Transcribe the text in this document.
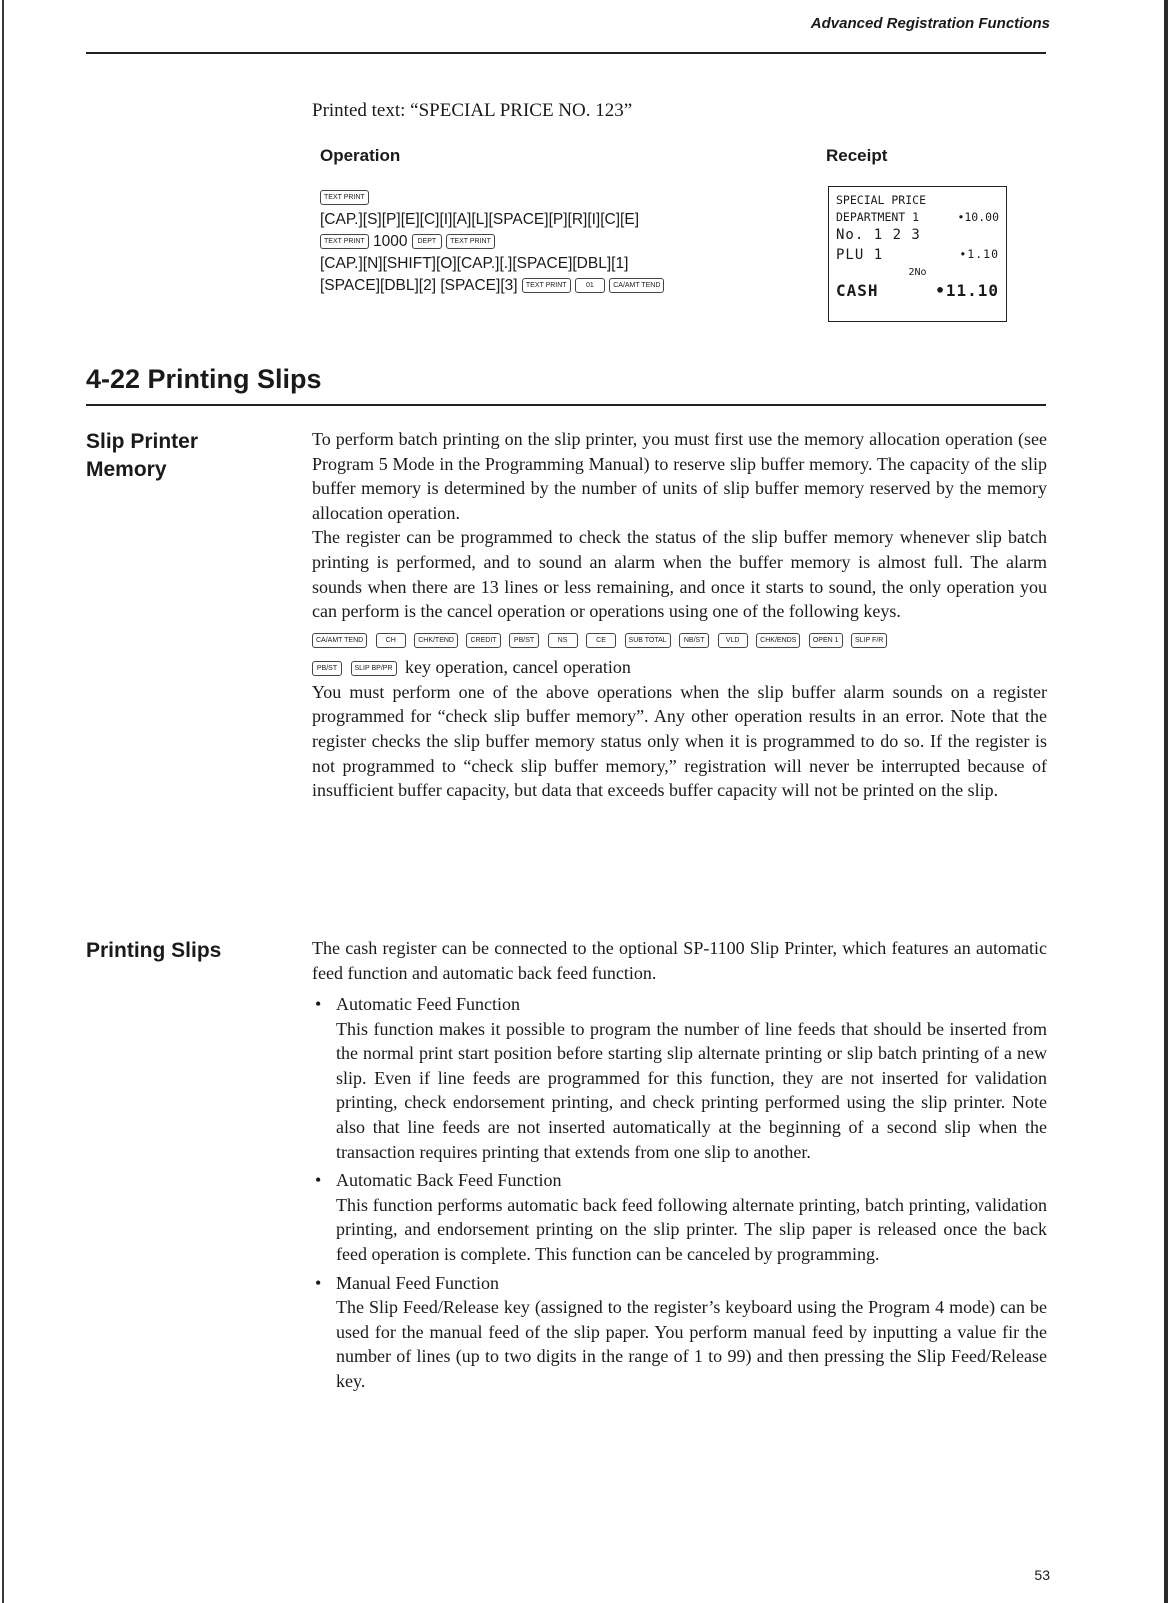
Advanced Registration Functions
Printed text: “SPECIAL PRICE NO. 123”
Operation	Receipt
TEXT PRINT
[CAP.][S][P][E][C][I][A][L][SPACE][P][R][I][C][E]
TEXT PRINT 1000 DEPT TEXT PRINT
[CAP.][N][SHIFT][O][CAP.][.][SPACE][DBL][1]
[SPACE][DBL][2] [SPACE][3] TEXT PRINT	01	CA/AMT TEND
SPECIAL PRICE
DEPARTMENT 1	•10.00
No. 1 2 3
PLU 1	•1.10
2No
CASH	•11.10
4-22 Printing Slips
Slip Printer
Memory

To perform batch printing on the slip printer, you must first use the memory allocation operation (see Program 5 Mode in the Programming Manual) to reserve slip buffer memory. The capacity of the slip buffer memory is determined by the number of units of slip buffer memory reserved by the memory allocation operation.

The register can be programmed to check the status of the slip buffer memory whenever slip batch printing is performed, and to sound an alarm when the buffer memory is almost full. The alarm sounds when there are 13 lines or less remaining, and once it starts to sound, the only operation you can perform is the cancel operation or operations using one of the following keys.

CA/AMT TEND	CH	CHK/TEND CREDIT PB/ST	NS	CE	SUB TOTAL NB/ST	VLD	CHK/ENDS OPEN 1 SLIP F/R
PB/ST SLIP BP/PR key operation, cancel operation

You must perform one of the above operations when the slip buffer alarm sounds on a register programmed for “check slip buffer memory”. Any other operation results in an error. Note that the register checks the slip buffer memory status only when it is programmed to do so. If the register is not programmed to “check slip buffer memory,” registration will never be interrupted because of insufficient buffer capacity, but data that exceeds buffer capacity will not be printed on the slip.

Printing Slips	The cash register can be connected to the optional SP-1100 Slip Printer, which features an automatic feed function and automatic back feed function.
• Automatic Feed Function
This function makes it possible to program the number of line feeds that should be inserted from the normal print start position before starting slip alternate printing or slip batch printing of a new slip. Even if line feeds are programmed for this function, they are not inserted for validation printing, check endorsement printing, and check printing performed using the slip printer. Note also that line feeds are not inserted automatically at the beginning of a second slip when the transaction requires printing that extends from one slip to another.
• Automatic Back Feed Function
This function performs automatic back feed following alternate printing, batch printing, validation printing, and endorsement printing on the slip printer. The slip paper is released once the back feed operation is complete. This function can be canceled by programming.
• Manual Feed Function
The Slip Feed/Release key (assigned to the register’s keyboard using the Program 4 mode) can be used for the manual feed of the slip paper. You perform manual feed by inputting a value fir the number of lines (up to two digits in the range of 1 to 99) and then pressing the Slip Feed/Release key.
53
